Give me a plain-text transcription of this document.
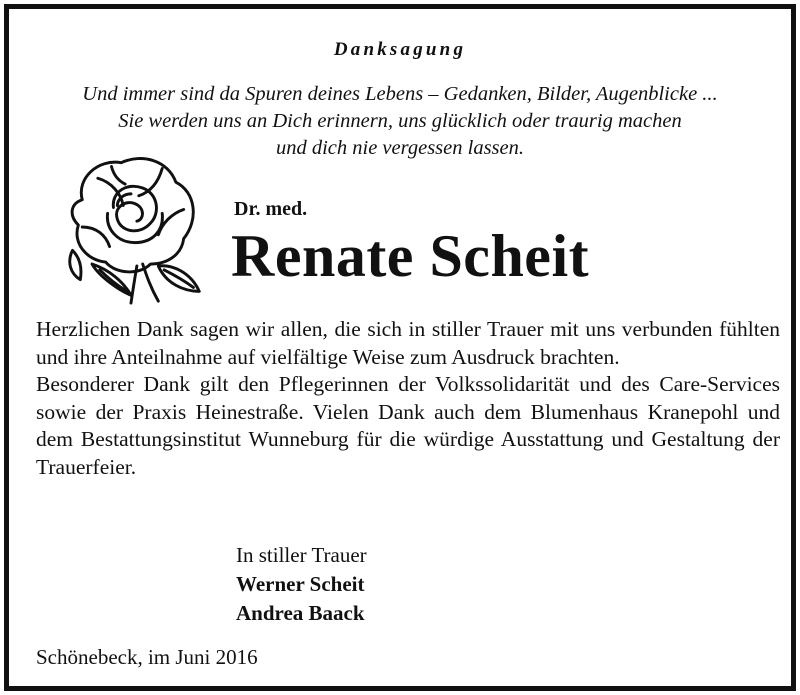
Danksagung
Und immer sind da Spuren deines Lebens – Gedanken, Bilder, Augenblicke ...
Sie werden uns an Dich erinnern, uns glücklich oder traurig machen
und dich nie vergessen lassen.
Dr. med.
Renate Scheit

Herzlichen Dank sagen wir allen, die sich in stiller Trauer mit uns verbunden fühlten und ihre Anteilnahme auf vielfältige Weise zum Ausdruck brachten.

Besonderer Dank gilt den Pflegerinnen der Volkssolidarität und des Care-Services sowie der Praxis Heinestraße. Vielen Dank auch dem Blumenhaus Kranepohl und dem Bestattungsinstitut Wunneburg für die würdige Ausstattung und Gestaltung der Trauerfeier.

In stiller Trauer
Werner Scheit
Andrea Baack
Schönebeck, im Juni 2016
